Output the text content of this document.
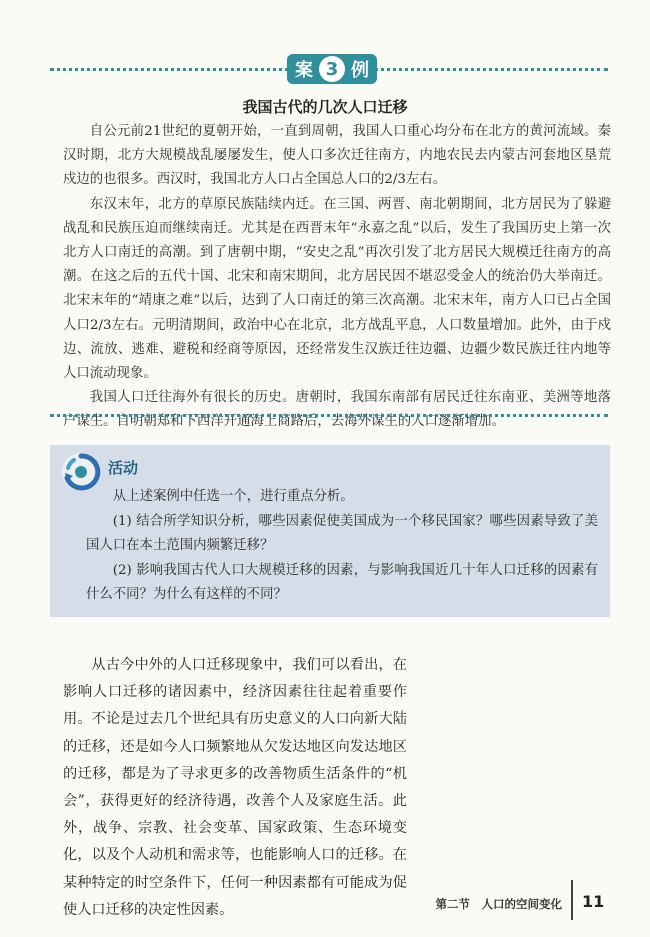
案 3 例
我国古代的几次人口迁移

自公元前21世纪的夏朝开始，一直到周朝，我国人口重心均分布在北方的黄河流域。秦汉时期，北方大规模战乱屡屡发生，使人口多次迁往南方，内地农民去内蒙古河套地区垦荒戍边的也很多。西汉时，我国北方人口占全国总人口的2/3左右。

东汉末年，北方的草原民族陆续内迁。在三国、两晋、南北朝期间，北方居民为了躲避战乱和民族压迫而继续南迁。尤其是在西晋末年“永嘉之乱”以后，发生了我国历史上第一次北方人口南迁的高潮。到了唐朝中期，“安史之乱”再次引发了北方居民大规模迁往南方的高潮。在这之后的五代十国、北宋和南宋期间，北方居民因不堪忍受金人的统治仍大举南迁。北宋末年的“靖康之难”以后，达到了人口南迁的第三次高潮。北宋末年，南方人口已占全国人口2/3左右。元明清期间，政治中心在北京，北方战乱平息，人口数量增加。此外，由于戍边、流放、逃难、避税和经商等原因，还经常发生汉族迁往边疆、边疆少数民族迁往内地等人口流动现象。

我国人口迁往海外有很长的历史。唐朝时，我国东南部有居民迁往东南亚、美洲等地落户谋生。自明朝郑和下西洋开通海上商路后，去海外谋生的人口逐渐增加。

活动

从上述案例中任选一个，进行重点分析。

(1) 结合所学知识分析，哪些因素促使美国成为一个移民国家？哪些因素导致了美国人口在本土范围内频繁迁移？

(2) 影响我国古代人口大规模迁移的因素，与影响我国近几十年人口迁移的因素有什么不同？为什么有这样的不同？

从古今中外的人口迁移现象中，我们可以看出，在影响人口迁移的诸因素中，经济因素往往起着重要作用。不论是过去几个世纪具有历史意义的人口向新大陆的迁移，还是如今人口频繁地从欠发达地区向发达地区的迁移，都是为了寻求更多的改善物质生活条件的“机会”，获得更好的经济待遇，改善个人及家庭生活。此外，战争、宗教、社会变革、国家政策、生态环境变化，以及个人动机和需求等，也能影响人口的迁移。在某种特定的时空条件下，任何一种因素都有可能成为促使人口迁移的决定性因素。	第二节　人口的空间变化 11
